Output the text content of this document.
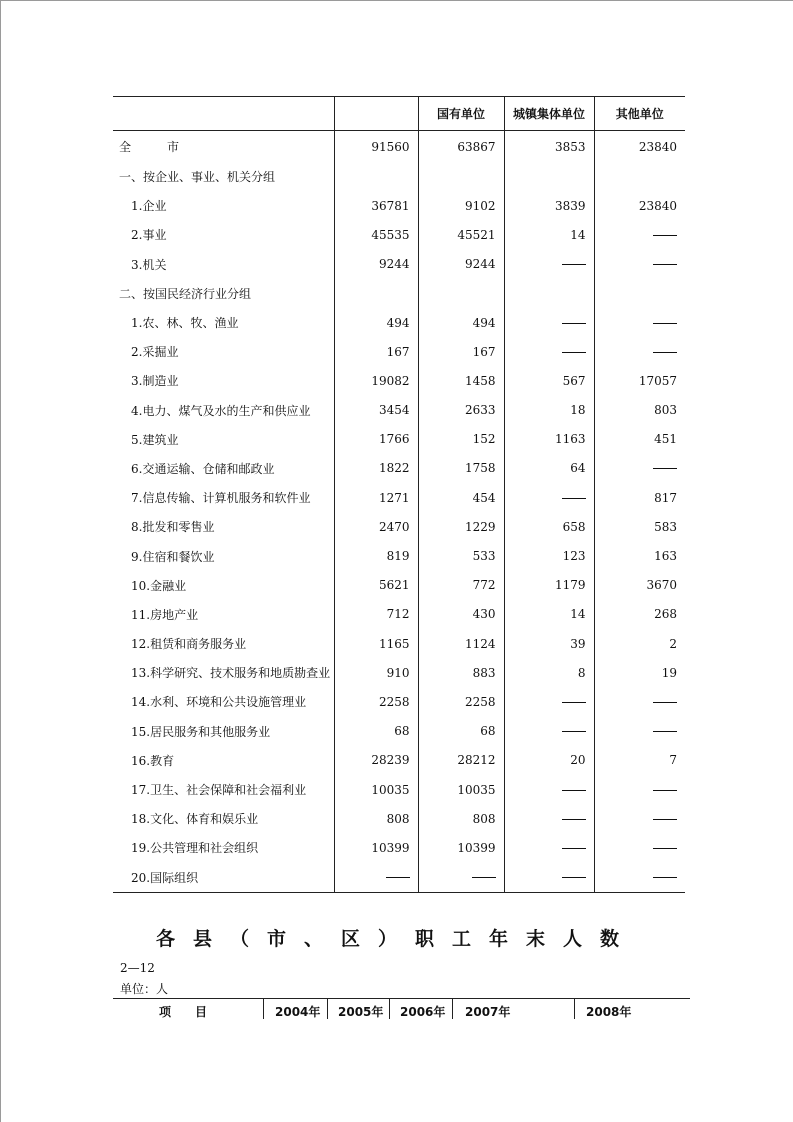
		国有单位	城镇集体单位	其他单位
全　　　市	91560	63867	3853	23840
一、按企业、事业、机关分组				
1.企业	36781	9102	3839	23840
2.事业	45535	45521	14	
3.机关	9244	9244		
二、按国民经济行业分组				
1.农、林、牧、渔业	494	494		
2.采掘业	167	167		
3.制造业	19082	1458	567	17057
4.电力、煤气及水的生产和供应业	3454	2633	18	803
5.建筑业	1766	152	1163	451
6.交通运输、仓储和邮政业	1822	1758	64	
7.信息传输、计算机服务和软件业	1271	454		817
8.批发和零售业	2470	1229	658	583
9.住宿和餐饮业	819	533	123	163
10.金融业	5621	772	1179	3670
11.房地产业	712	430	14	268
12.租赁和商务服务业	1165	1124	39	2
13.科学研究、技术服务和地质勘查业	910	883	8	19
14.水利、环境和公共设施管理业	2258	2258		
15.居民服务和其他服务业	68	68		
16.教育	28239	28212	20	7
17.卫生、社会保障和社会福利业	10035	10035		
18.文化、体育和娱乐业	808	808		
19.公共管理和社会组织	10399	10399		
20.国际组织				
各县（市、区）职工年末人数
2—12
单位：人
项　　目	2004年 2005年 2006年 2007年	2008年
